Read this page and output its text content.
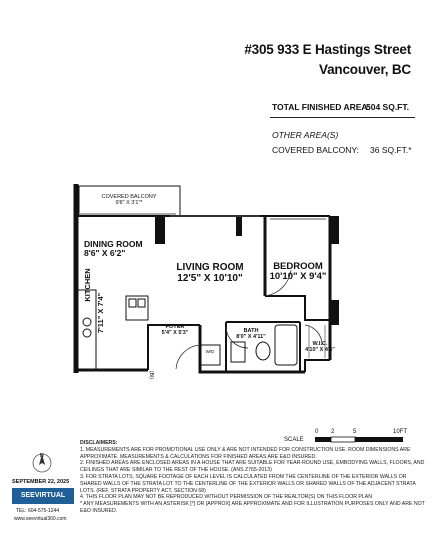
#305 933 E Hastings Street
Vancouver, BC
TOTAL FINISHED AREA:
504 SQ.FT.
OTHER AREA(S)
COVERED BALCONY: 36 SQ.FT.*
N
COVERED BALCONY
9'8" X 3'1"*
DINING ROOM
8'6" X 6'2"
LIVING ROOM
12'5" X 10'10"
BEDROOM
10'10" X 9'4"
KITCHEN
7'11" X 7'4"	FOYER
5'4" X 5'3"	BATH
8'0" X 4'11"
W.I.C.
4'10" X 4'6"
W/D
(BI)
SCALE
0 2	5	10FT

DISCLAIMERS:

1. MEASUREMENTS ARE FOR PROMOTIONAL USE ONLY & ARE NOT INTENDED FOR CONSTRUCTION USE. ROOM DIMENSIONS ARE APPROXIMATE. MEASUREMENTS & CALCULATIONS FOR FINISHED AREAS ARE E&O INSURED.

2. FINISHED AREAS ARE ENCLOSED AREAS IN A HOUSE THAT ARE SUITABLE FOR YEAR-ROUND USE, EMBODYING WALLS, FLOORS, AND CEILINGS THAT ARE SIMILAR TO THE REST OF THE HOUSE. (ANS Z765-2013)

3. FOR STRATA LOTS, SQUARE FOOTAGE OF EACH LEVEL IS CALCULATED FROM THE CENTERLINE OF THE EXTERIOR WALLS OR SHARED WALLS OF THE STRATA LOT TO THE CENTERLINE OF THE EXTERIOR WALLS OR SHARED WALLS OF THE ADJACENT STRATA LOTS. (REF. STRATA PROPERTY ACT, SECTION 68)

4. THIS FLOOR PLAN MAY NOT BE REPRODUCED WITHOUT PERMISSION OF THE REALTOR(S) ON THIS FLOOR PLAN

* ANY MEASUREMENTS WITH AN ASTERISK [*] OR [APPROX] ARE APPROXIMATE AND FOR ILLUSTRATION PURPOSES ONLY AND ARE NOT E&O INSURED.

SEPTEMBER 22, 2025
SEEVIRTUAL
TEL: 604-575-1244
www.seevirtual360.com
